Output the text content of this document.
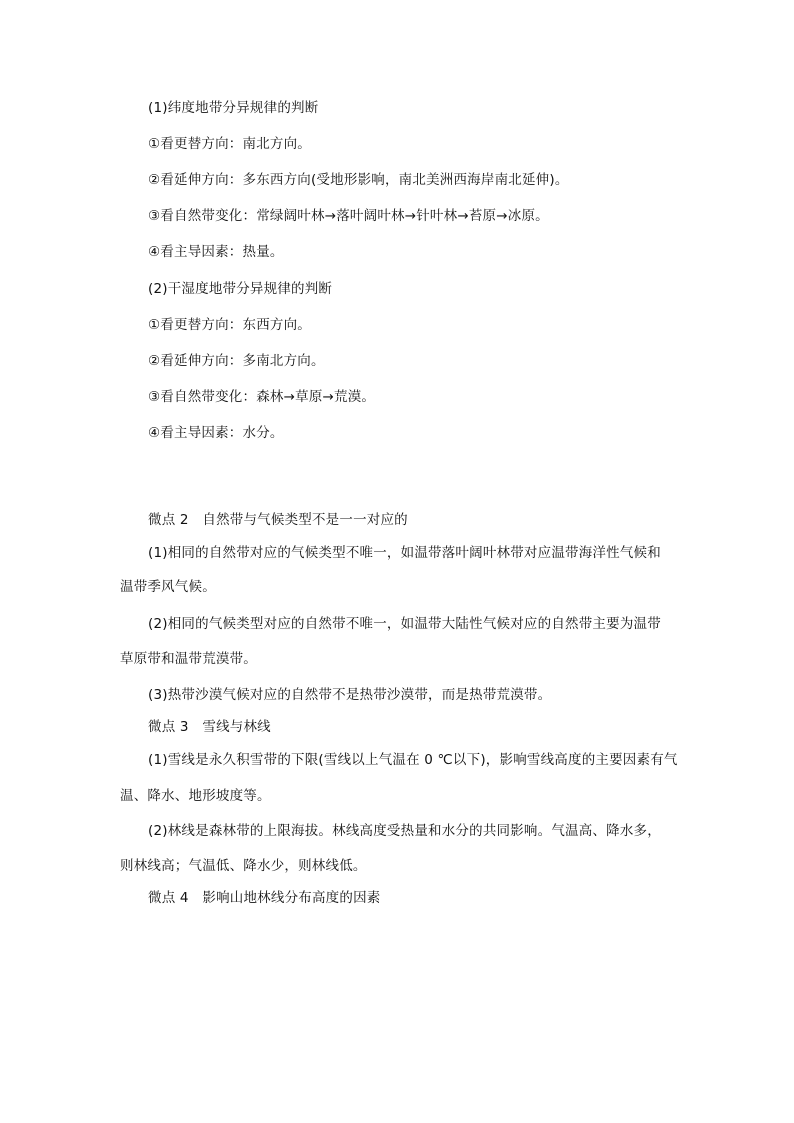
(1)纬度地带分异规律的判断
①看更替方向：南北方向。
②看延伸方向：多东西方向(受地形影响，南北美洲西海岸南北延伸)。
③看自然带变化：常绿阔叶林→落叶阔叶林→针叶林→苔原→冰原。
④看主导因素：热量。
(2)干湿度地带分异规律的判断
①看更替方向：东西方向。
②看延伸方向：多南北方向。
③看自然带变化：森林→草原→荒漠。
④看主导因素：水分。
微点 2　自然带与气候类型不是一一对应的
(1)相同的自然带对应的气候类型不唯一，如温带落叶阔叶林带对应温带海洋性气候和
温带季风气候。
(2)相同的气候类型对应的自然带不唯一，如温带大陆性气候对应的自然带主要为温带
草原带和温带荒漠带。
(3)热带沙漠气候对应的自然带不是热带沙漠带，而是热带荒漠带。
微点 3　雪线与林线
(1)雪线是永久积雪带的下限(雪线以上气温在 0 ℃以下)，影响雪线高度的主要因素有气
温、降水、地形坡度等。
(2)林线是森林带的上限海拔。林线高度受热量和水分的共同影响。气温高、降水多，
则林线高；气温低、降水少，则林线低。
微点 4　影响山地林线分布高度的因素
